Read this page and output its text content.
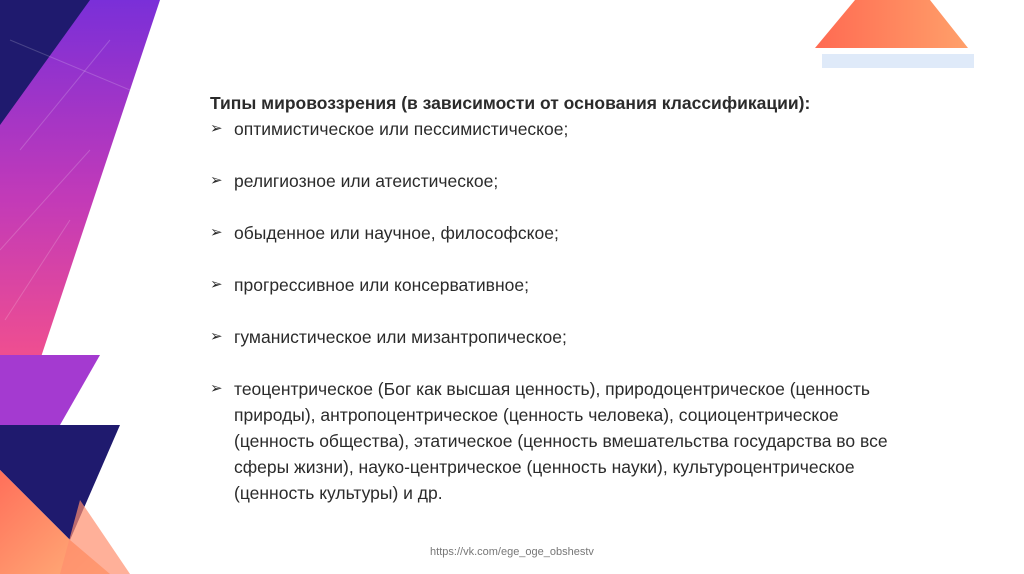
Типы мировоззрения (в зависимости от основания классификации):
➢ оптимистическое или пессимистическое;
➢ религиозное или атеистическое;
➢ обыденное или научное, философское;
➢ прогрессивное или консервативное;
➢ гуманистическое или мизантропическое;
➢ теоцентрическое (Бог как высшая ценность), природоцентрическое (ценность природы), антропоцентрическое (ценность человека), социоцентрическое (ценность общества), этатическое (ценность вмешательства государства во все сферы жизни), науко-центрическое (ценность науки), культуроцентрическое (ценность культуры) и др.
https://vk.com/ege_oge_obshestv
